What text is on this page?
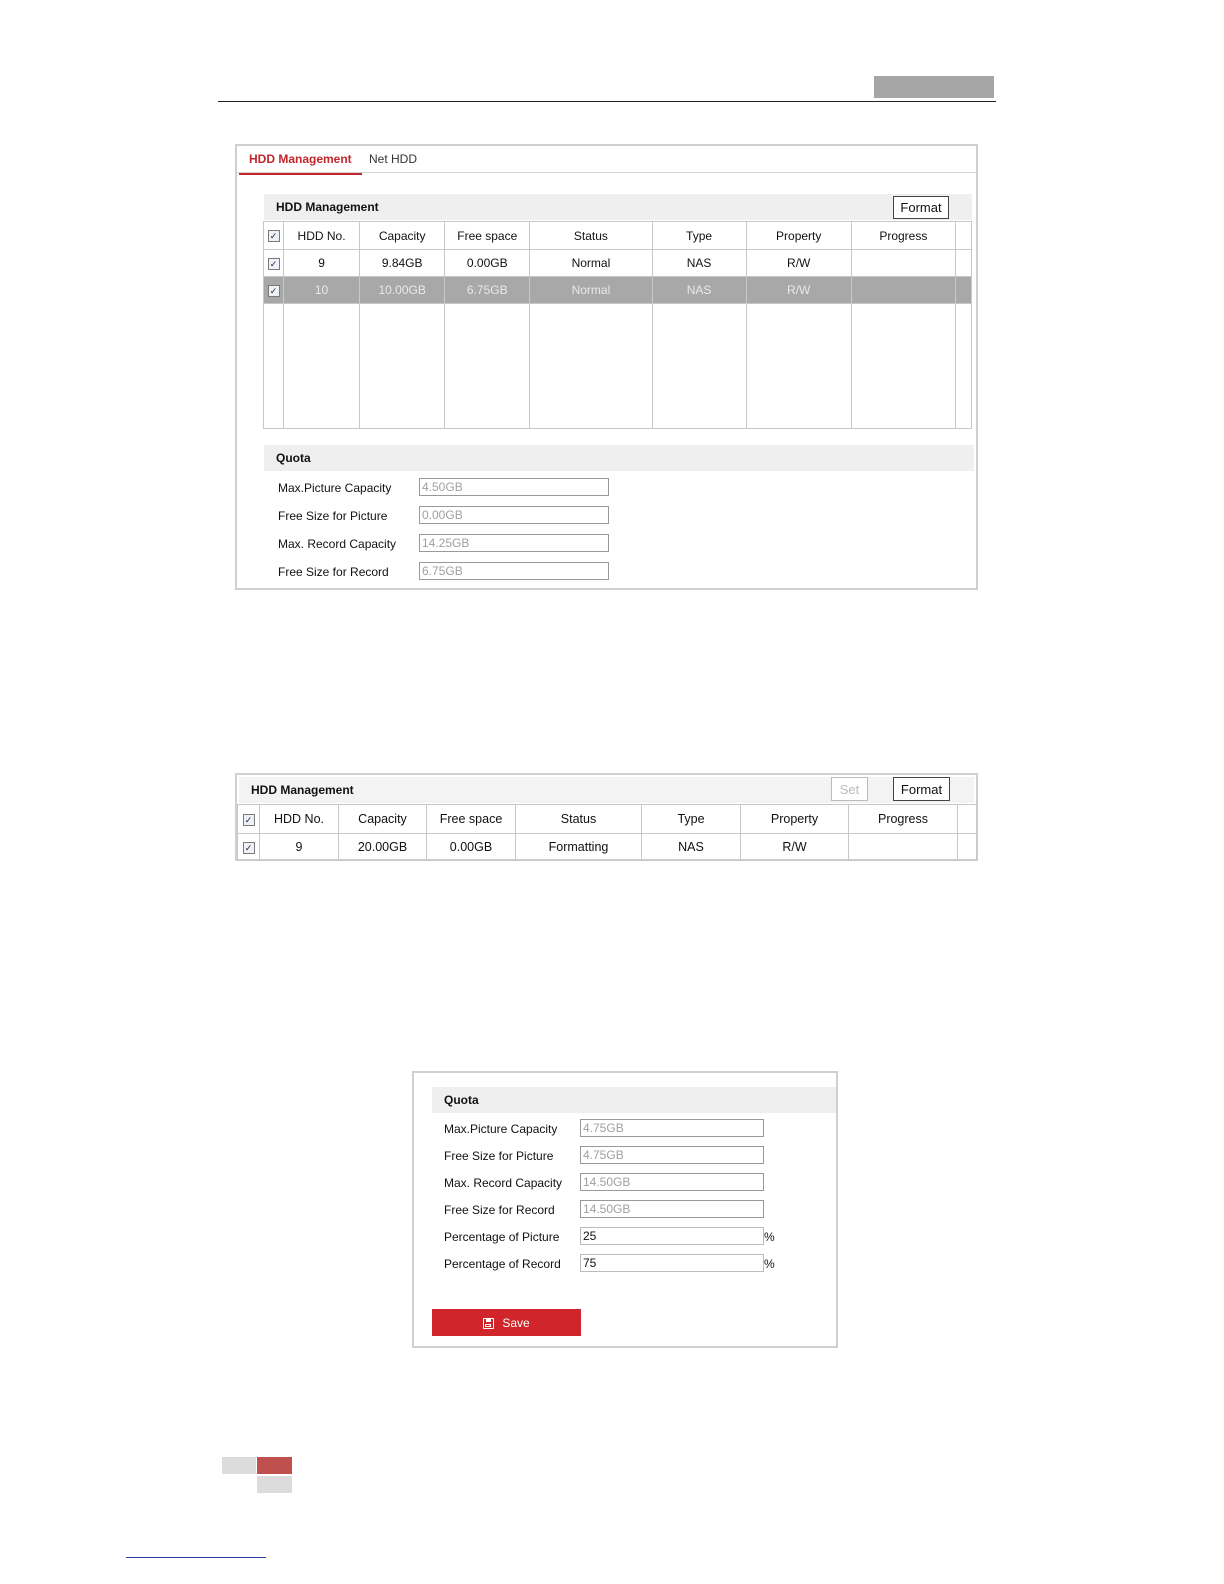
HDD Management	Net HDD
HDD Management	Format
✓	HDD No.	Capacity	Free space	Status	Type	Property	Progress	
✓	9	9.84GB	0.00GB	Normal	NAS	R/W		
✓	10	10.00GB	6.75GB	Normal	NAS	R/W		

Quota
Max.Picture Capacity	4.50GB
Free Size for Picture	0.00GB
Max. Record Capacity 14.25GB
Free Size for Record	6.75GB
HDD Management	Set	Format
✓	HDD No.	Capacity	Free space	Status	Type	Property	Progress	
✓	9	20.00GB	0.00GB	Formatting	NAS	R/W		
Quota
Max.Picture Capacity 4.75GB
Free Size for Picture 4.75GB
Max. Record Capacity 14.50GB
Free Size for Record 14.50GB
Percentage of Picture 25	%
Percentage of Record 75	%
Save
